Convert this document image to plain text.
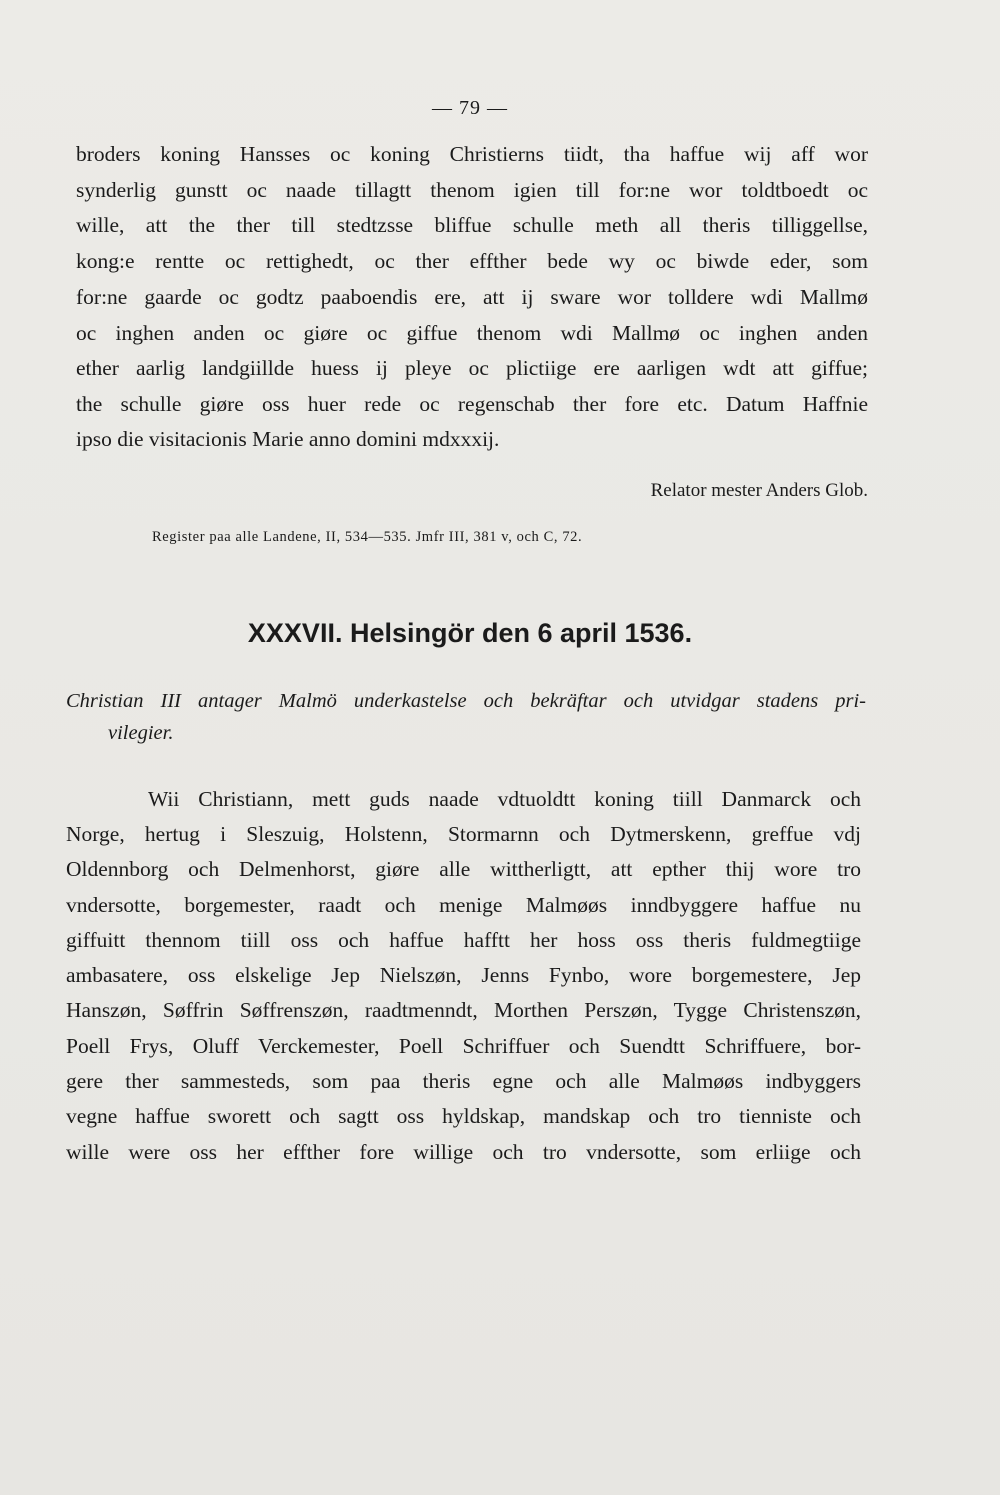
— 79 —
broders koning Hansses oc koning Christierns tiidt, tha haffue wij aff wor
synderlig gunstt oc naade tillagtt thenom igien till for:ne wor toldtboedt oc
wille, att the ther till stedtzsse bliffue schulle meth all theris tilliggellse,
kong:e rentte oc rettighedt, oc ther effther bede wy oc biwde eder, som
for:ne gaarde oc godtz paaboendis ere, att ij sware wor tolldere wdi Mallmø
oc inghen anden oc giøre oc giffue thenom wdi Mallmø oc inghen anden
ether aarlig landgiillde huess ij pleye oc plictiige ere aarligen wdt att giffue;
the schulle giøre oss huer rede oc regenschab ther fore etc. Datum Haffnie
ipso die visitacionis Marie anno domini mdxxxij.
Relator mester Anders Glob.
Register paa alle Landene, II, 534—535. Jmfr III, 381 v, och C, 72.
XXXVII. Helsingör den 6 april 1536.
Christian III antager Malmö underkastelse och bekräftar och utvidgar stadens pri-
vilegier.
Wii Christiann, mett guds naade vdtuoldtt koning tiill Danmarck och
Norge, hertug i Sleszuig, Holstenn, Stormarnn och Dytmerskenn, greffue vdj
Oldennborg och Delmenhorst, giøre alle wittherligtt, att epther thij wore tro
vndersotte, borgemester, raadt och menige Malmøøs inndbyggere haffue nu
giffuitt thennom tiill oss och haffue hafftt her hoss oss theris fuldmegtiige
ambasatere, oss elskelige Jep Nielszøn, Jenns Fynbo, wore borgemestere, Jep
Hanszøn, Søffrin Søffrenszøn, raadtmenndt, Morthen Perszøn, Tygge Christenszøn,
Poell Frys, Oluff Verckemester, Poell Schriffuer och Suendtt Schriffuere, bor-
gere ther sammesteds, som paa theris egne och alle Malmøøs indbyggers
vegne haffue sworett och sagtt oss hyldskap, mandskap och tro tienniste och
wille were oss her effther fore willige och tro vndersotte, som erliige och
